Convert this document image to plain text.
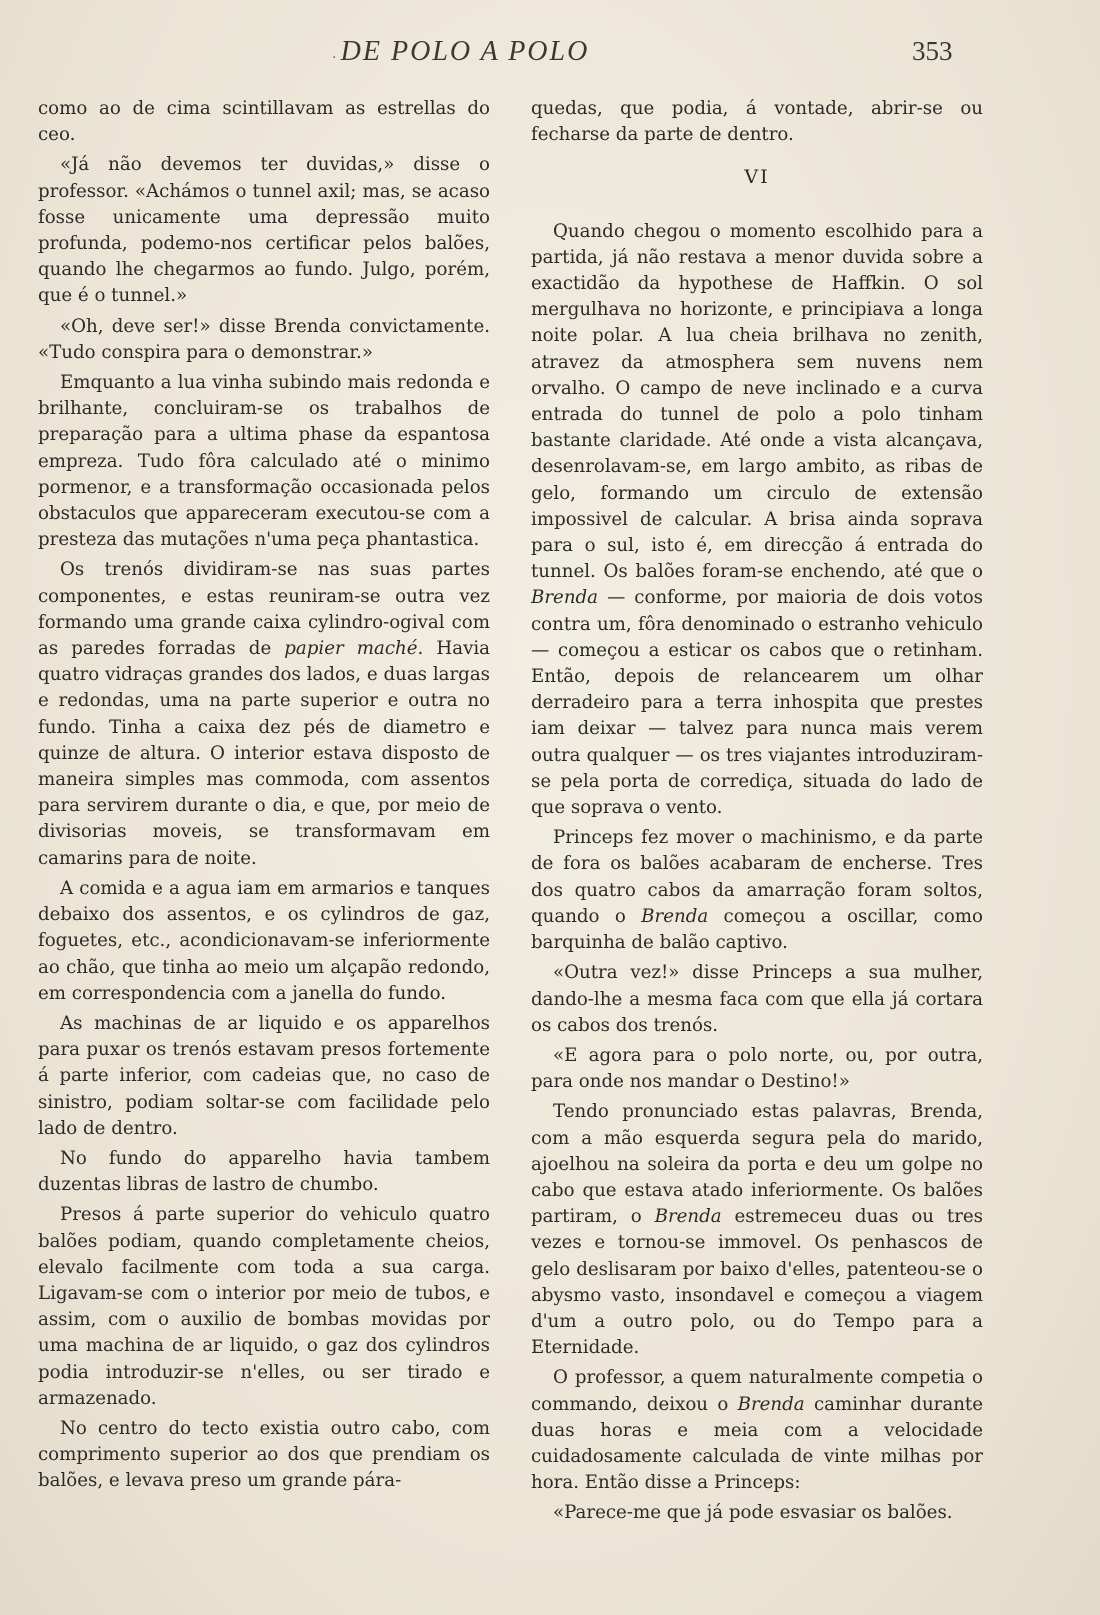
· DE POLO A POLO	353

como ao de cima scintillavam as estrellas do ceo.

«Já não devemos ter duvidas,» disse o professor. «Achámos o tunnel axil; mas, se acaso fosse unicamente uma depressão muito profunda, podemo-nos certificar pelos balões, quando lhe chegarmos ao fundo. Julgo, porém, que é o tunnel.»

«Oh, deve ser!» disse Brenda convictamente. «Tudo conspira para o demonstrar.»

Emquanto a lua vinha subindo mais redonda e brilhante, concluiram-se os trabalhos de preparação para a ultima phase da espantosa empreza. Tudo fôra calculado até o minimo pormenor, e a transformação occasionada pelos obstaculos que appareceram executou-se com a presteza das mutações n'uma peça phantastica.

Os trenós dividiram-se nas suas partes componentes, e estas reuniram-se outra vez formando uma grande caixa cylindro-ogival com as paredes forradas de papier maché. Havia quatro vidraças grandes dos lados, e duas largas e redondas, uma na parte superior e outra no fundo. Tinha a caixa dez pés de diametro e quinze de altura. O interior estava disposto de maneira simples mas commoda, com assentos para servirem durante o dia, e que, por meio de divisorias moveis, se transformavam em camarins para de noite.

A comida e a agua iam em armarios e tanques debaixo dos assentos, e os cylindros de gaz, foguetes, etc., acondicionavam-se inferiormente ao chão, que tinha ao meio um alçapão redondo, em correspondencia com a janella do fundo.

As machinas de ar liquido e os apparelhos para puxar os trenós estavam presos fortemente á parte inferior, com cadeias que, no caso de sinistro, podiam soltar-se com facilidade pelo lado de dentro.

No fundo do apparelho havia tambem duzentas libras de lastro de chumbo.

Presos á parte superior do vehiculo quatro balões podiam, quando completamente cheios, elevalo facilmente com toda a sua carga. Ligavam-se com o interior por meio de tubos, e assim, com o auxilio de bombas movidas por uma machina de ar liquido, o gaz dos cylindros podia introduzir-se n'elles, ou ser tirado e armazenado.

No centro do tecto existia outro cabo, com comprimento superior ao dos que prendiam os balões, e levava preso um grande pára-

quedas, que podia, á vontade, abrir-se ou fecharse da parte de dentro.

VI

Quando chegou o momento escolhido para a partida, já não restava a menor duvida sobre a exactidão da hypothese de Haffkin. O sol mergulhava no horizonte, e principiava a longa noite polar. A lua cheia brilhava no zenith, atravez da atmosphera sem nuvens nem orvalho. O campo de neve inclinado e a curva entrada do tunnel de polo a polo tinham bastante claridade. Até onde a vista alcançava, desenrolavam-se, em largo ambito, as ribas de gelo, formando um circulo de extensão impossivel de calcular. A brisa ainda soprava para o sul, isto é, em direcção á entrada do tunnel. Os balões foram-se enchendo, até que o Brenda — conforme, por maioria de dois votos contra um, fôra denominado o estranho vehiculo — começou a esticar os cabos que o retinham. Então, depois de relancearem um olhar derradeiro para a terra inhospita que prestes iam deixar — talvez para nunca mais verem outra qualquer — os tres viajantes introduziram-se pela porta de corrediça, situada do lado de que soprava o vento.

Princeps fez mover o machinismo, e da parte de fora os balões acabaram de encherse. Tres dos quatro cabos da amarração foram soltos, quando o Brenda começou a oscillar, como barquinha de balão captivo.

«Outra vez!» disse Princeps a sua mulher, dando-lhe a mesma faca com que ella já cortara os cabos dos trenós.

«E agora para o polo norte, ou, por outra, para onde nos mandar o Destino!»

Tendo pronunciado estas palavras, Brenda, com a mão esquerda segura pela do marido, ajoelhou na soleira da porta e deu um golpe no cabo que estava atado inferiormente. Os balões partiram, o Brenda estremeceu duas ou tres vezes e tornou-se immovel. Os penhascos de gelo deslisaram por baixo d'elles, patenteou-se o abysmo vasto, insondavel e começou a viagem d'um a outro polo, ou do Tempo para a Eternidade.

O professor, a quem naturalmente competia o commando, deixou o Brenda caminhar durante duas horas e meia com a velocidade cuidadosamente calculada de vinte milhas por hora. Então disse a Princeps:

«Parece-me que já pode esvasiar os balões.
